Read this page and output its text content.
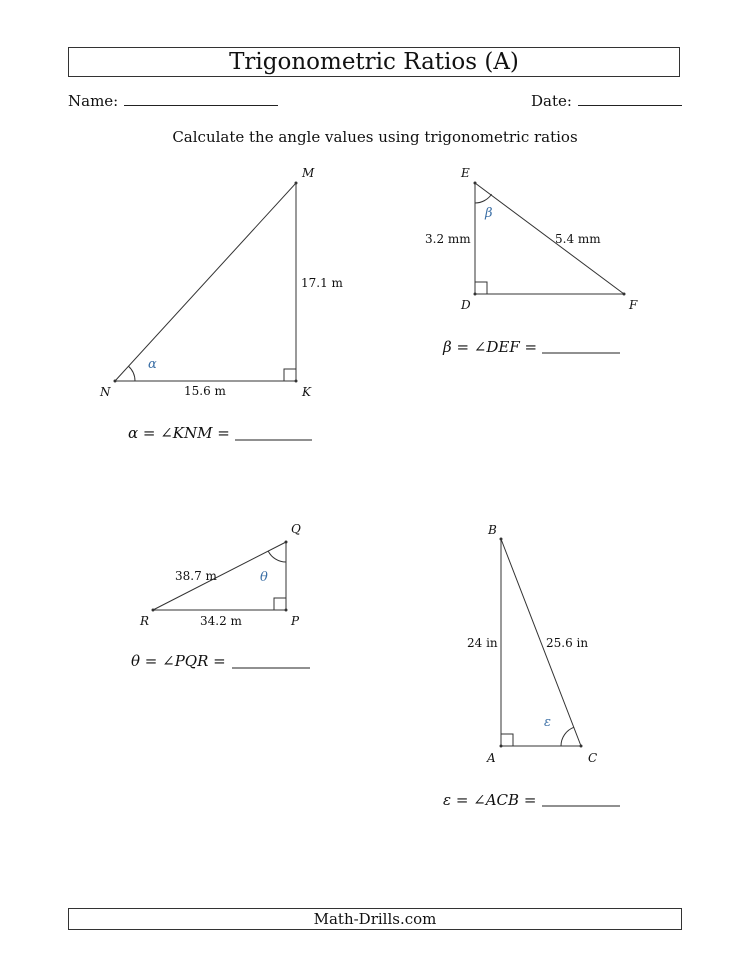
Trigonometric Ratios (A)
Name:	Date:
Calculate the angle values using trigonometric ratios
M
N	K
17.1 m
15.6 m
α
α = ∠KNM =
E
D	F
3.2 mm	5.4 mm
β
β = ∠DEF =
Q
R	P
38.7 m
34.2 m
θ
θ = ∠PQR =
B
A	C
24 in	25.6 in
ε
ε = ∠ACB =
Math-Drills.com
